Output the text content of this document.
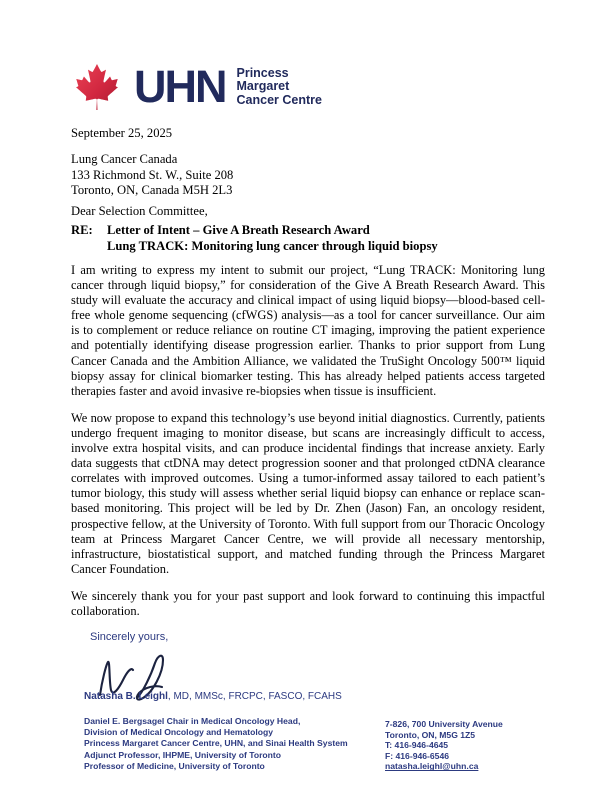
UHN Princess
Margaret
Cancer Centre
September 25, 2025
Lung Cancer Canada
133 Richmond St. W., Suite 208
Toronto, ON, Canada M5H 2L3
Dear Selection Committee,
RE:	Letter of Intent – Give A Breath Research Award
Lung TRACK: Monitoring lung cancer through liquid biopsy

I am writing to express my intent to submit our project, “Lung TRACK: Monitoring lung cancer through liquid biopsy,” for consideration of the Give A Breath Research Award. This study will evaluate the accuracy and clinical impact of using liquid biopsy—blood-based cell-free whole genome sequencing (cfWGS) analysis—as a tool for cancer surveillance. Our aim is to complement or reduce reliance on routine CT imaging, improving the patient experience and potentially identifying disease progression earlier. Thanks to prior support from Lung Cancer Canada and the Ambition Alliance, we validated the TruSight Oncology 500™ liquid biopsy assay for clinical biomarker testing. This has already helped patients access targeted therapies faster and avoid invasive re-biopsies when tissue is insufficient.

We now propose to expand this technology’s use beyond initial diagnostics. Currently, patients undergo frequent imaging to monitor disease, but scans are increasingly difficult to access, involve extra hospital visits, and can produce incidental findings that increase anxiety. Early data suggests that ctDNA may detect progression sooner and that prolonged ctDNA clearance correlates with improved outcomes. Using a tumor-informed assay tailored to each patient’s tumor biology, this study will assess whether serial liquid biopsy can enhance or replace scan-based monitoring. This project will be led by Dr. Zhen (Jason) Fan, an oncology resident, prospective fellow, at the University of Toronto. With full support from our Thoracic Oncology team at Princess Margaret Cancer Centre, we will provide all necessary mentorship, infrastructure, biostatistical support, and matched funding through the Princess Margaret Cancer Foundation.

We sincerely thank you for your past support and look forward to continuing this impactful collaboration.

Sincerely yours,
Natasha B. Leighl, MD, MMSc, FRCPC, FASCO, FCAHS
Daniel E. Bergsagel Chair in Medical Oncology Head,
Division of Medical Oncology and Hematology
Princess Margaret Cancer Centre, UHN, and Sinai Health System
Adjunct Professor, IHPME, University of Toronto
Professor of Medicine, University of Toronto
7-826, 700 University Avenue
Toronto, ON, M5G 1Z5
T: 416-946-4645
F: 416-946-6546
natasha.leighl@uhn.ca
